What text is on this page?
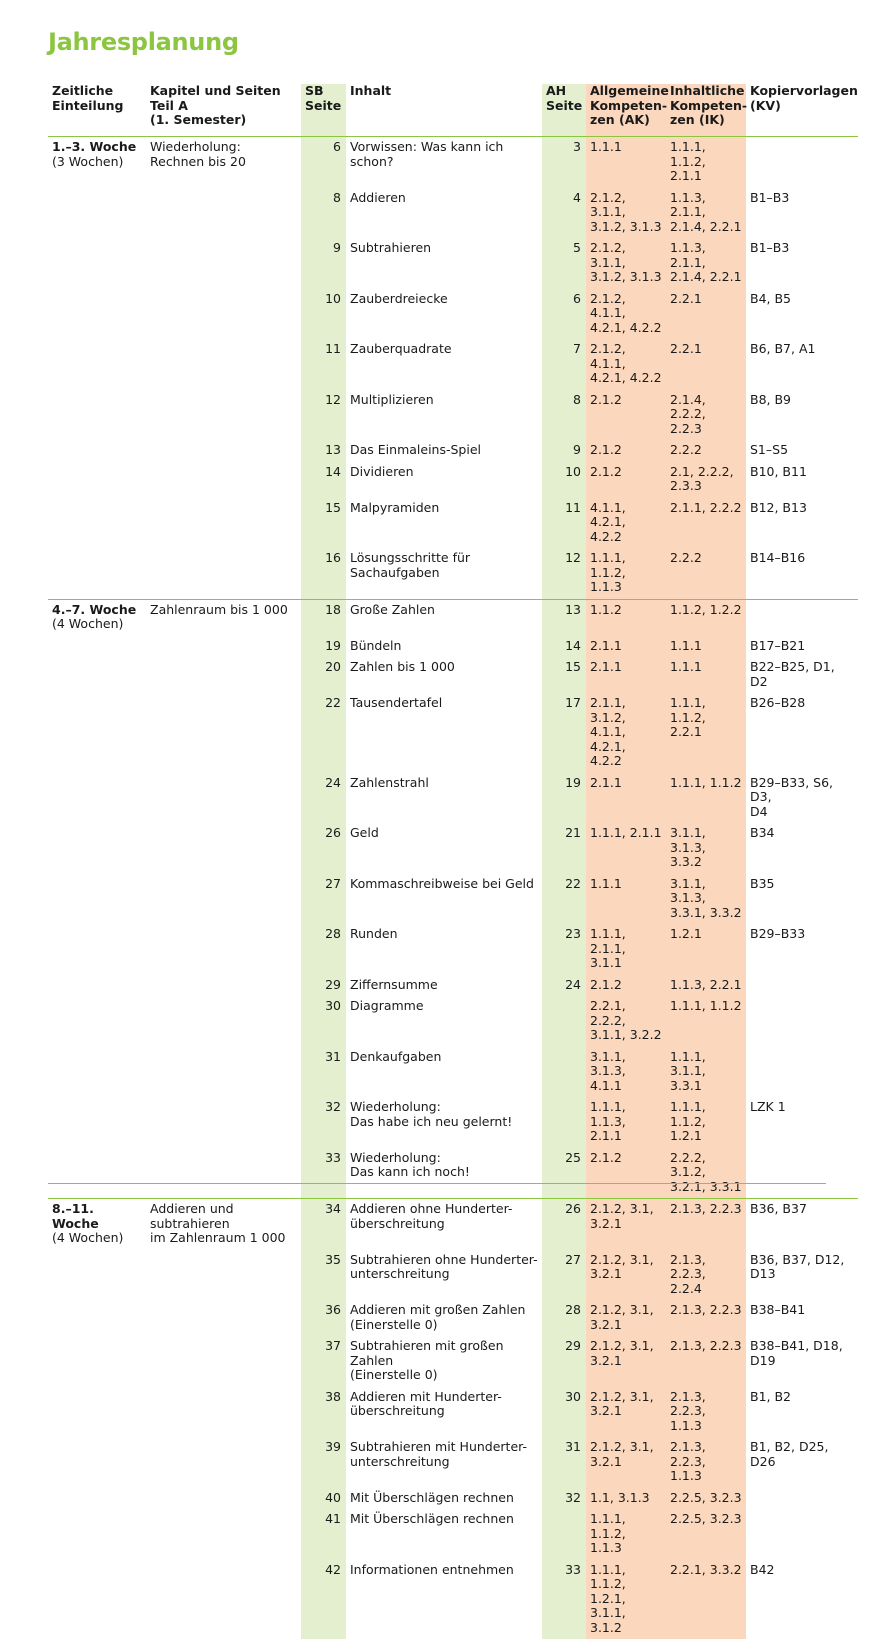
Jahresplanung
Zeitliche
Einteilung	Kapitel und Seiten Teil A
(1. Semester)	SB
Seite	Inhalt	AH
Seite	Allgemeine
Kompeten-
zen (AK)	Inhaltliche
Kompeten-
zen (IK)	Kopiervorlagen
(KV)
1.–3. Woche
(3 Wochen)	Wiederholung:
Rechnen bis 20	6	Vorwissen: Was kann ich schon?	3	1.1.1	1.1.1, 1.1.2,
2.1.1	
		8	Addieren	4	2.1.2, 3.1.1,
3.1.2, 3.1.3	1.1.3, 2.1.1,
2.1.4, 2.2.1	B1–B3
		9	Subtrahieren	5	2.1.2, 3.1.1,
3.1.2, 3.1.3	1.1.3, 2.1.1,
2.1.4, 2.2.1	B1–B3
		10	Zauberdreiecke	6	2.1.2, 4.1.1,
4.2.1, 4.2.2	2.2.1	B4, B5
		11	Zauberquadrate	7	2.1.2, 4.1.1,
4.2.1, 4.2.2	2.2.1	B6, B7, A1
		12	Multiplizieren	8	2.1.2	2.1.4, 2.2.2,
2.2.3	B8, B9
		13	Das Einmaleins-Spiel	9	2.1.2	2.2.2	S1–S5
		14	Dividieren	10	2.1.2	2.1, 2.2.2,
2.3.3	B10, B11
		15	Malpyramiden	11	4.1.1, 4.2.1,
4.2.2	2.1.1, 2.2.2	B12, B13
		16	Lösungsschritte für
Sachaufgaben	12	1.1.1, 1.1.2,
1.1.3	2.2.2	B14–B16
4.–7. Woche
(4 Wochen)	Zahlenraum bis 1 000	18	Große Zahlen	13	1.1.2	1.1.2, 1.2.2	
		19	Bündeln	14	2.1.1	1.1.1	B17–B21
		20	Zahlen bis 1 000	15	2.1.1	1.1.1	B22–B25, D1, D2
		22	Tausendertafel	17	2.1.1, 3.1.2,
4.1.1, 4.2.1,
4.2.2	1.1.1, 1.1.2,
2.2.1	B26–B28
		24	Zahlenstrahl	19	2.1.1	1.1.1, 1.1.2	B29–B33, S6, D3,
D4
		26	Geld	21	1.1.1, 2.1.1	3.1.1, 3.1.3,
3.3.2	B34
		27	Kommaschreibweise bei Geld	22	1.1.1	3.1.1, 3.1.3,
3.3.1, 3.3.2	B35
		28	Runden	23	1.1.1, 2.1.1,
3.1.1	1.2.1	B29–B33
		29	Ziffernsumme	24	2.1.2	1.1.3, 2.2.1	
		30	Diagramme		2.2.1, 2.2.2,
3.1.1, 3.2.2	1.1.1, 1.1.2	
		31	Denkaufgaben		3.1.1, 3.1.3,
4.1.1	1.1.1, 3.1.1,
3.3.1	
		32	Wiederholung:
Das habe ich neu gelernt!		1.1.1, 1.1.3,
2.1.1	1.1.1, 1.1.2,
1.2.1	LZK 1
		33	Wiederholung:
Das kann ich noch!	25	2.1.2	2.2.2, 3.1.2,
3.2.1, 3.3.1	
8.–11. Woche
(4 Wochen)	Addieren und
subtrahieren
im Zahlenraum 1 000	34	Addieren ohne Hunderter-
überschreitung	26	2.1.2, 3.1,
3.2.1	2.1.3, 2.2.3	B36, B37
		35	Subtrahieren ohne Hunderter-
unterschreitung	27	2.1.2, 3.1,
3.2.1	2.1.3, 2.2.3,
2.2.4	B36, B37, D12, D13
		36	Addieren mit großen Zahlen
(Einerstelle 0)	28	2.1.2, 3.1,
3.2.1	2.1.3, 2.2.3	B38–B41
		37	Subtrahieren mit großen Zahlen
(Einerstelle 0)	29	2.1.2, 3.1,
3.2.1	2.1.3, 2.2.3	B38–B41, D18,
D19
		38	Addieren mit Hunderter-
überschreitung	30	2.1.2, 3.1,
3.2.1	2.1.3, 2.2.3,
1.1.3	B1, B2
		39	Subtrahieren mit Hunderter-
unterschreitung	31	2.1.2, 3.1,
3.2.1	2.1.3, 2.2.3,
1.1.3	B1, B2, D25, D26
		40	Mit Überschlägen rechnen	32	1.1, 3.1.3	2.2.5, 3.2.3	
		41	Mit Überschlägen rechnen		1.1.1, 1.1.2,
1.1.3	2.2.5, 3.2.3	
		42	Informationen entnehmen	33	1.1.1, 1.1.2,
1.2.1, 3.1.1,
3.1.2	2.2.1, 3.3.2	B42
